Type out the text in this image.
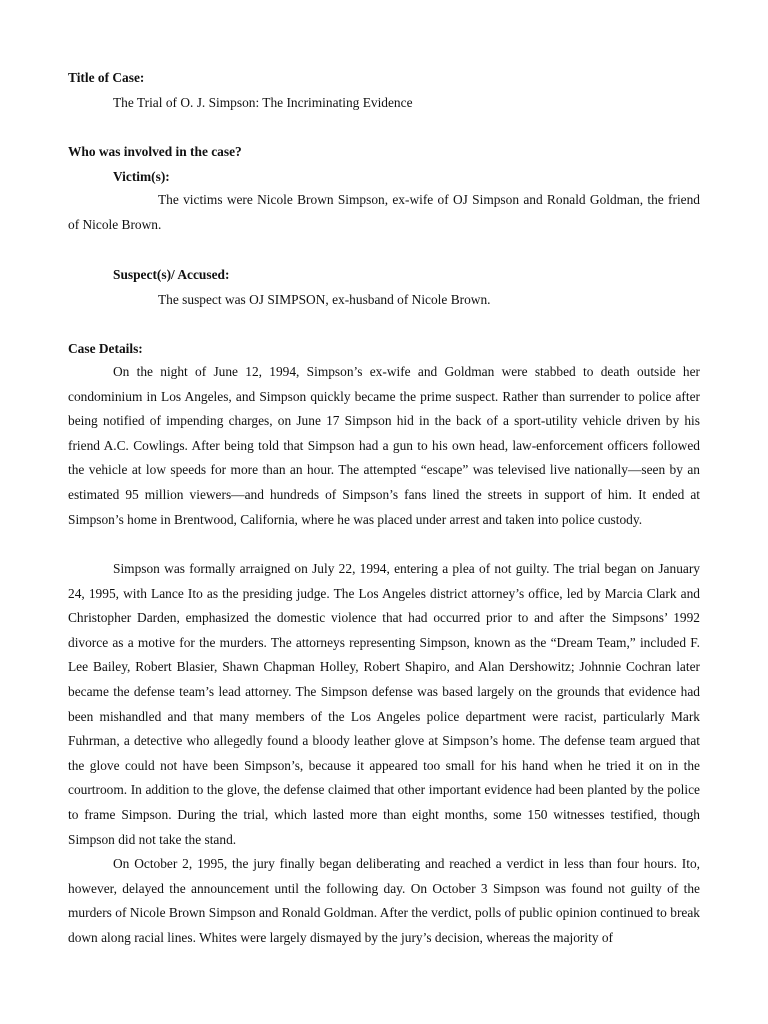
Title of Case:
The Trial of O. J. Simpson: The Incriminating Evidence
Who was involved in the case?
Victim(s):
The victims were Nicole Brown Simpson, ex-wife of OJ Simpson and Ronald Goldman, the friend of Nicole Brown.
Suspect(s)/ Accused:
The suspect was OJ SIMPSON, ex-husband of Nicole Brown.
Case Details:
On the night of June 12, 1994, Simpson’s ex-wife and Goldman were stabbed to death outside her condominium in Los Angeles, and Simpson quickly became the prime suspect. Rather than surrender to police after being notified of impending charges, on June 17 Simpson hid in the back of a sport-utility vehicle driven by his friend A.C. Cowlings. After being told that Simpson had a gun to his own head, law-enforcement officers followed the vehicle at low speeds for more than an hour. The attempted “escape” was televised live nationally—seen by an estimated 95 million viewers—and hundreds of Simpson’s fans lined the streets in support of him. It ended at Simpson’s home in Brentwood, California, where he was placed under arrest and taken into police custody.
Simpson was formally arraigned on July 22, 1994, entering a plea of not guilty. The trial began on January 24, 1995, with Lance Ito as the presiding judge. The Los Angeles district attorney’s office, led by Marcia Clark and Christopher Darden, emphasized the domestic violence that had occurred prior to and after the Simpsons’ 1992 divorce as a motive for the murders. The attorneys representing Simpson, known as the “Dream Team,” included F. Lee Bailey, Robert Blasier, Shawn Chapman Holley, Robert Shapiro, and Alan Dershowitz; Johnnie Cochran later became the defense team’s lead attorney. The Simpson defense was based largely on the grounds that evidence had been mishandled and that many members of the Los Angeles police department were racist, particularly Mark Fuhrman, a detective who allegedly found a bloody leather glove at Simpson’s home. The defense team argued that the glove could not have been Simpson’s, because it appeared too small for his hand when he tried it on in the courtroom. In addition to the glove, the defense claimed that other important evidence had been planted by the police to frame Simpson. During the trial, which lasted more than eight months, some 150 witnesses testified, though Simpson did not take the stand.
On October 2, 1995, the jury finally began deliberating and reached a verdict in less than four hours. Ito, however, delayed the announcement until the following day. On October 3 Simpson was found not guilty of the murders of Nicole Brown Simpson and Ronald Goldman. After the verdict, polls of public opinion continued to break down along racial lines. Whites were largely dismayed by the jury’s decision, whereas the majority of
